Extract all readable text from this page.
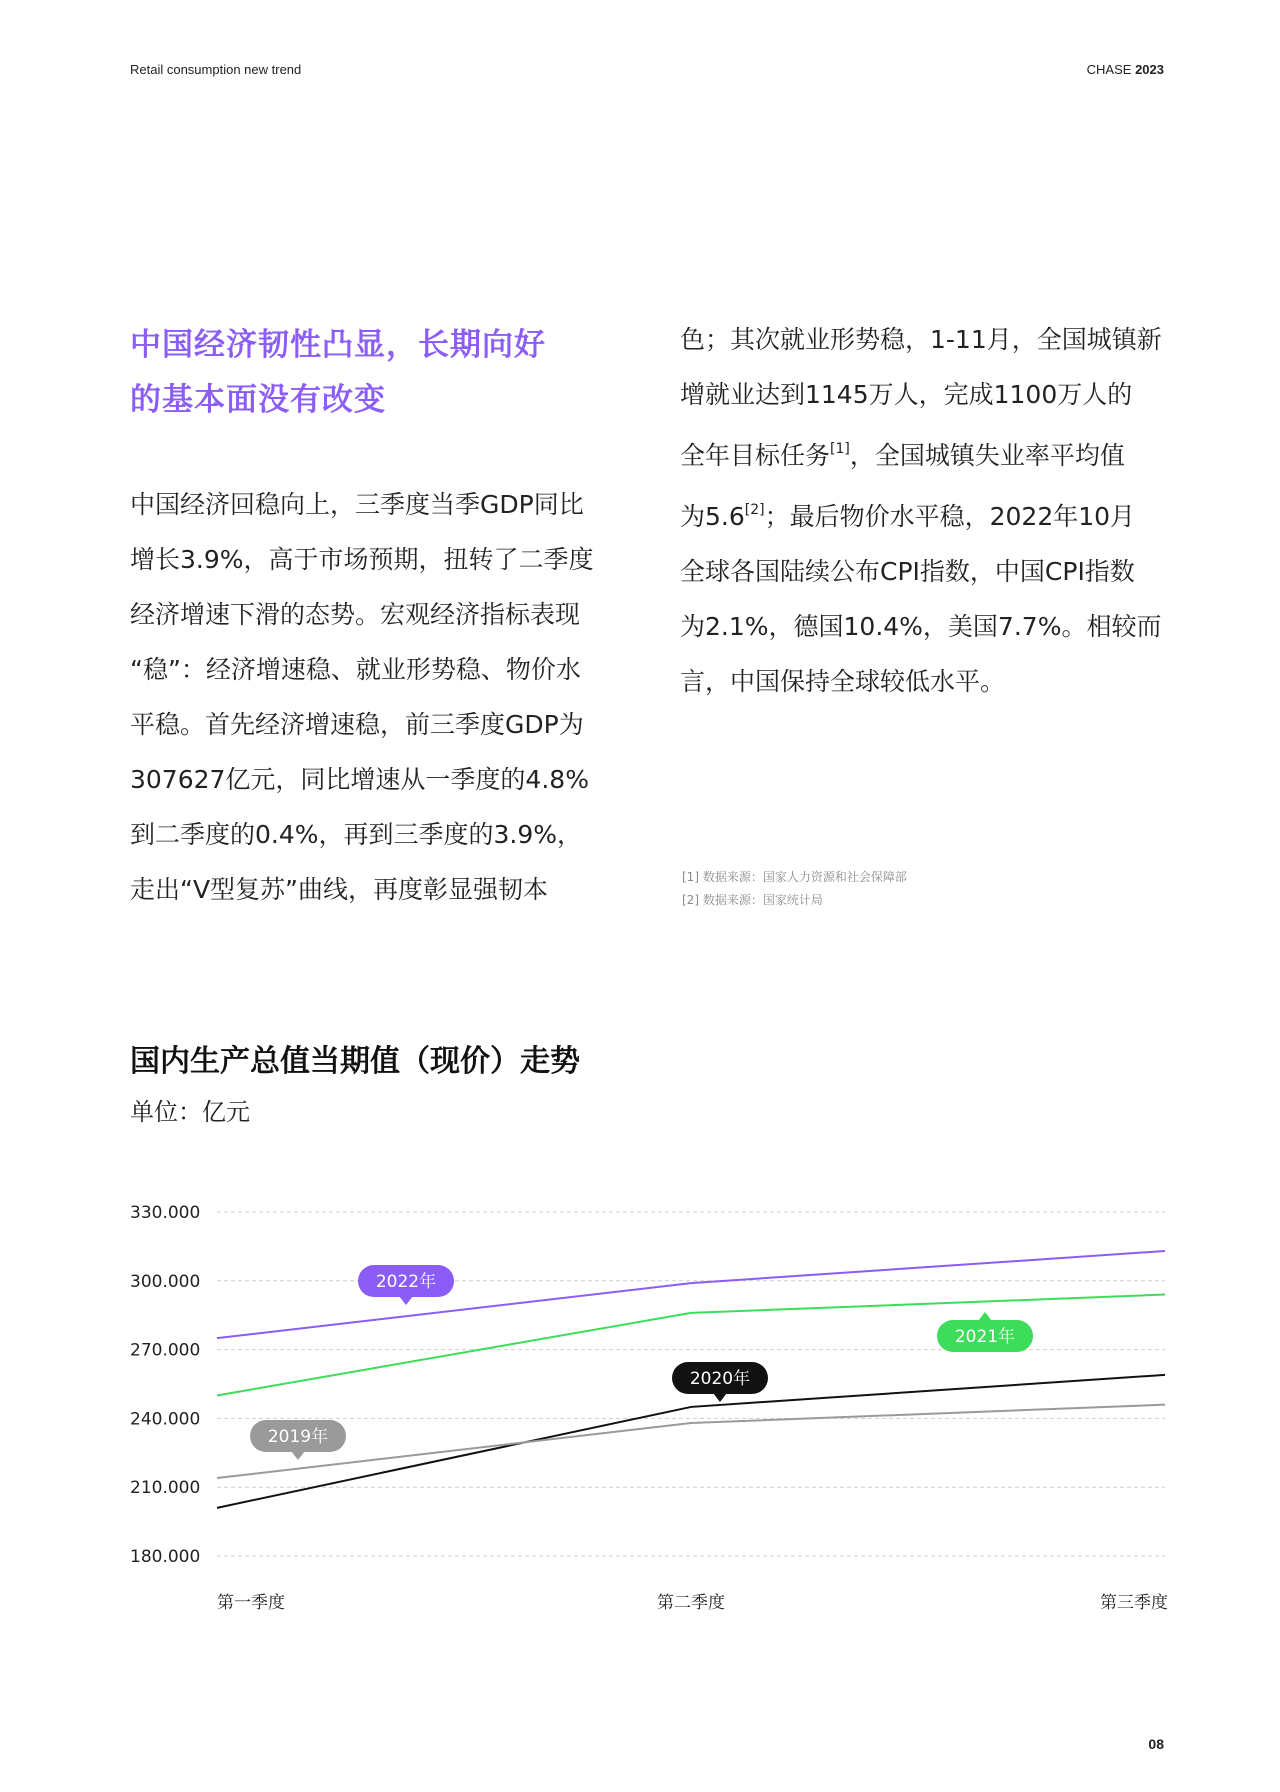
Retail consumption new trend	CHASE 2023
中国经济韧性凸显，长期向好
的基本面没有改变

中国经济回稳向上，三季度当季GDP同比

增长3.9%，高于市场预期，扭转了二季度

经济增速下滑的态势。宏观经济指标表现

“稳”：经济增速稳、就业形势稳、物价水

平稳。首先经济增速稳，前三季度GDP为

307627亿元，同比增速从一季度的4.8%

到二季度的0.4%，再到三季度的3.9%，

走出“V型复苏”曲线，再度彰显强韧本

色；其次就业形势稳，1-11月，全国城镇新

增就业达到1145万人，完成1100万人的

全年目标任务[1]，全国城镇失业率平均值

为5.6[2]；最后物价水平稳，2022年10月

全球各国陆续公布CPI指数，中国CPI指数

为2.1%，德国10.4%，美国7.7%。相较而

言，中国保持全球较低水平。

[1] 数据来源：国家人力资源和社会保障部
[2] 数据来源：国家统计局
国内生产总值当期值（现价）走势
单位：亿元
330.000
300.000
270.000
240.000
210.000
180.000
第一季度	第二季度	第三季度
2022年
2021年
2020年
2019年
08
